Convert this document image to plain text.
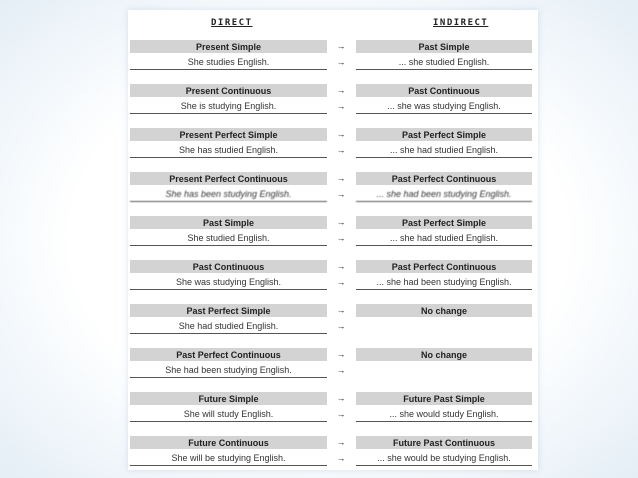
DIRECT	INDIRECT
Present Simple	→	Past Simple
She studies English.	→	... she studied English.
Present Continuous	→	Past Continuous
She is studying English.	→	... she was studying English.
Present Perfect Simple	→	Past Perfect Simple
She has studied English.	→	... she had studied English.
Present Perfect Continuous	→	Past Perfect Continuous
She has been studying English.	→	... she had been studying English.
Past Simple	→	Past Perfect Simple
She studied English.	→	... she had studied English.
Past Continuous	→	Past Perfect Continuous
She was studying English.	→	... she had been studying English.
Past Perfect Simple	→	No change
She had studied English.	→
Past Perfect Continuous	→	No change
She had been studying English.	→
Future Simple	→	Future Past Simple
She will study English.	→	... she would study English.
Future Continuous	→	Future Past Continuous
She will be studying English.	→	... she would be studying English.
